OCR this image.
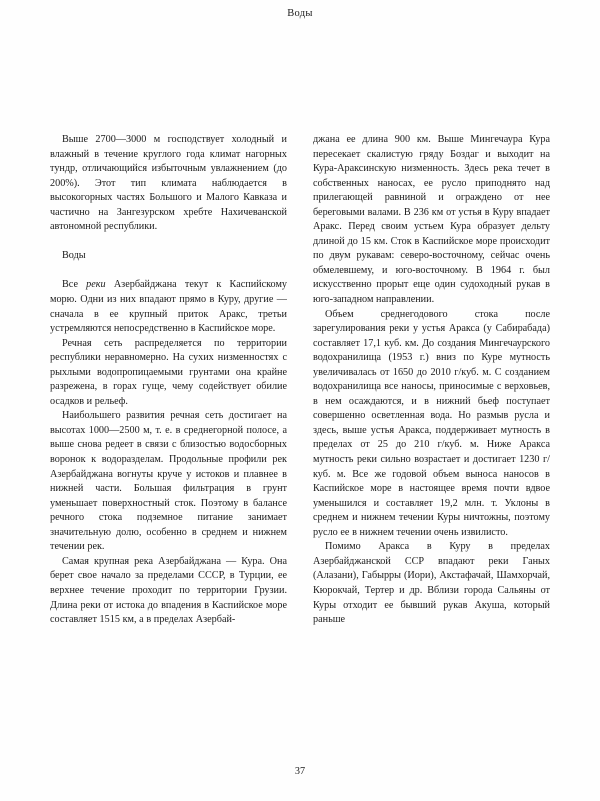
Воды

Выше 2700—3000 м господствует холодный и влажный в течение круглого года климат нагорных тундр, отличающийся избыточным увлажнением (до 200%). Этот тип климата наблюдается в высокогорных частях Большого и Малого Кавказа и частично на Зангезурском хребте Нахичеванской автономной республики.

Воды

Все реки Азербайджана текут к Каспийскому морю. Одни из них впадают прямо в Куру, другие — сначала в ее крупный приток Аракс, третьи устремляются непосредственно в Каспийское море.

Речная сеть распределяется по территории республики неравномерно. На сухих низменностях с рыхлыми водопропицаемыми грунтами она крайне разрежена, в горах гуще, чему содействует обилие осадков и рельеф.

Наибольшего развития речная сеть достигает на высотах 1000—2500 м, т. е. в среднегорной полосе, а выше снова редеет в связи с близостью водосборных воронок к водоразделам. Продольные профили рек Азербайджана вогнуты круче у истоков и плавнее в нижней части. Большая фильтрация в грунт уменьшает поверхностный сток. Поэтому в балансе речного стока подземное питание занимает значительную долю, особенно в среднем и нижнем течении рек.

Самая крупная река Азербайджана — Кура. Она берет свое начало за пределами СССР, в Турции, ее верхнее течение проходит по территории Грузии. Длина реки от истока до впадения в Каспийское море составляет 1515 км, а в пределах Азербай-

джана ее длина 900 км. Выше Мингечаура Кура пересекает скалистую гряду Боздаг и выходит на Кура-Араксинскую низменность. Здесь река течет в собственных наносах, ее русло приподнято над прилегающей равниной и ограждено от нее береговыми валами. В 236 км от устья в Куру впадает Аракс. Перед своим устьем Кура образует дельту длиной до 15 км. Сток в Каспийское море происходит по двум рукавам: северо-восточному, сейчас очень обмелевшему, и юго-восточному. В 1964 г. был искусственно прорыт еще один судоходный рукав в юго-западном направлении.

Объем среднегодового стока после зарегулирования реки у устья Аракса (у Сабирабада) составляет 17,1 куб. км. До создания Мингечаурского водохранилища (1953 г.) вниз по Куре мутность увеличивалась от 1650 до 2010 г/куб. м. С созданием водохранилища все наносы, приносимые с верховьев, в нем осаждаются, и в нижний бьеф поступает совершенно осветленная вода. Но размыв русла и здесь, выше устья Аракса, поддерживает мутность в пределах от 25 до 210 г/куб. м. Ниже Аракса мутность реки сильно возрастает и достигает 1230 г/куб. м. Все же годовой объем выноса наносов в Каспийское море в настоящее время почти вдвое уменьшился и составляет 19,2 млн. т. Уклоны в среднем и нижнем течении Куры ничтожны, поэтому русло ее в нижнем течении очень извилисто.

Помимо Аракса в Куру в пределах Азербайджанской ССР впадают реки Ганых (Алазани), Габырры (Иори), Акстафачай, Шамхорчай, Кюрокчай, Тертер и др. Вблизи города Сальяны от Куры отходит ее бывший рукав Акуша, который раньше

37
